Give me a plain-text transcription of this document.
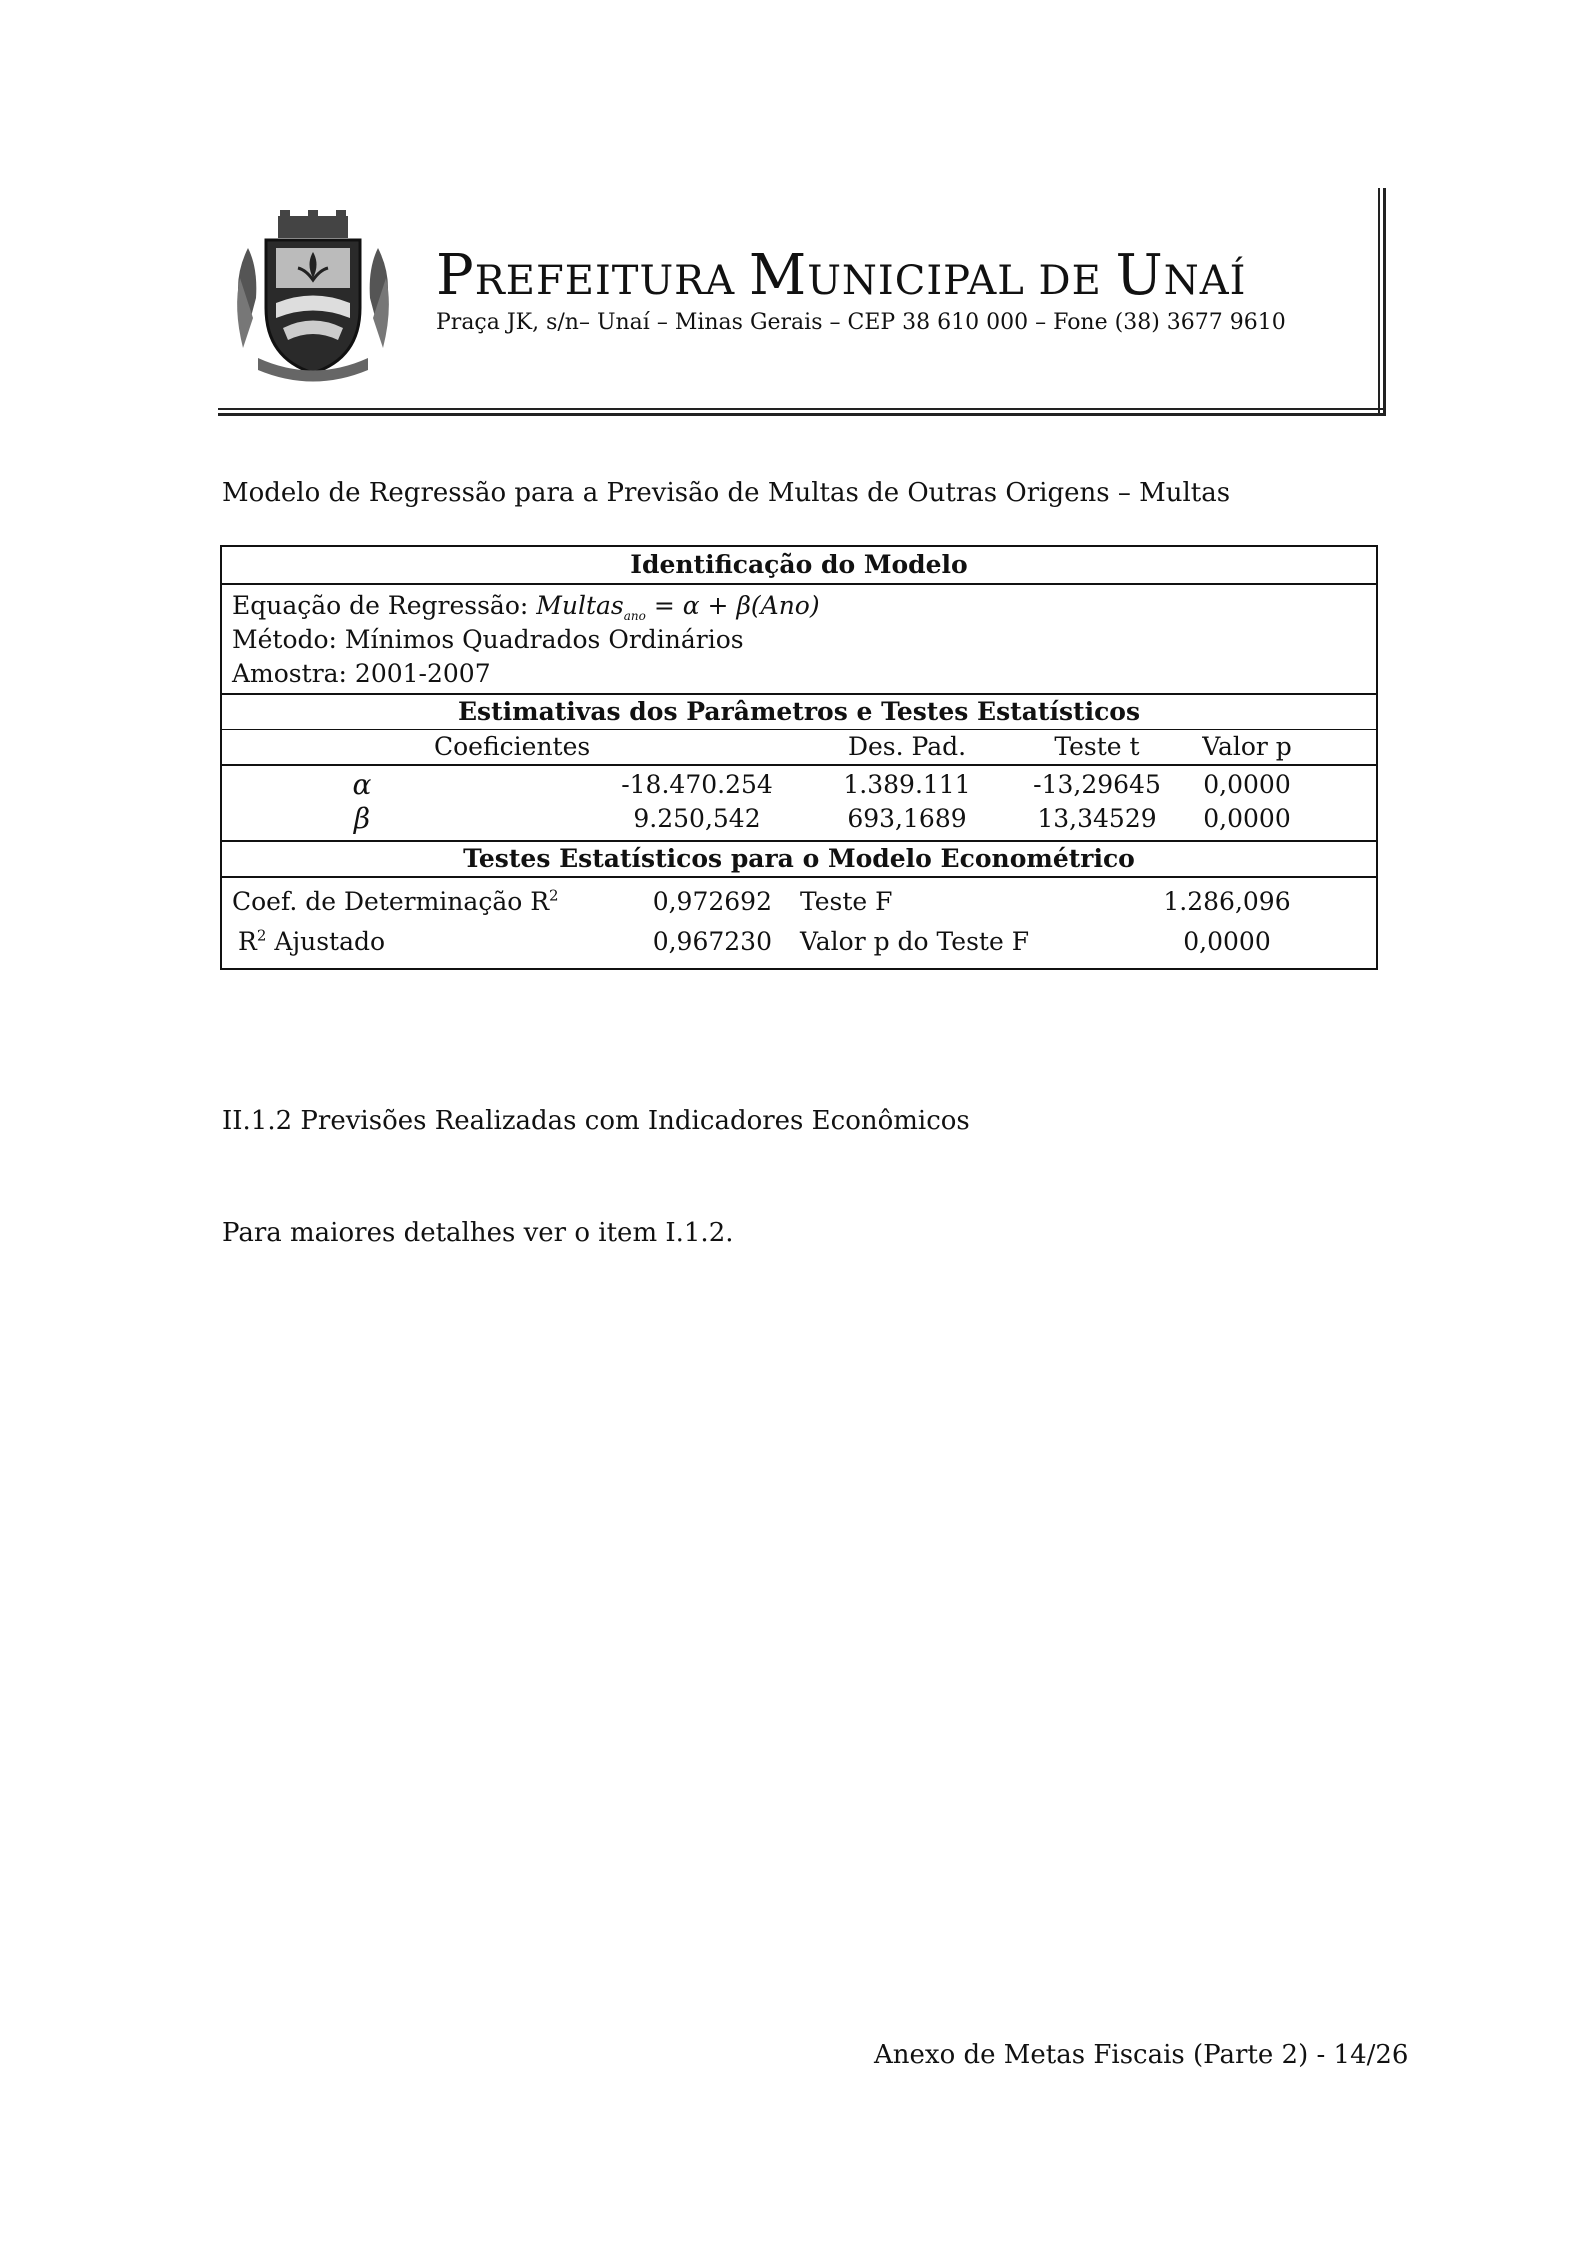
PREFEITURA MUNICIPAL DE UNAÍ
Praça JK, s/n– Unaí – Minas Gerais – CEP 38 610 000 – Fone (38) 3677 9610
Modelo de Regressão para a Previsão de Multas de Outras Origens – Multas
Identificação do Modelo
Equação de Regressão: Multas$_{ano}$ = α + β(Ano)
Método: Mínimos Quadrados Ordinários
Amostra: 2001-2007
Estimativas dos Parâmetros e Testes Estatísticos
Coeficientes	Des. Pad.	Teste t	Valor p
α	-18.470.254	1.389.111	-13,29645	0,0000
β	9.250,542	693,1689	13,34529	0,0000
Testes Estatísticos para o Modelo Econométrico
Coef. de Determinação $R^2$	0,972692 Teste F	1.286,096
$R^2$ Ajustado	0,967230 Valor p do Teste F	0,0000
II.1.2 Previsões Realizadas com Indicadores Econômicos
Para maiores detalhes ver o item I.1.2.
Anexo de Metas Fiscais (Parte 2) - 14/26
